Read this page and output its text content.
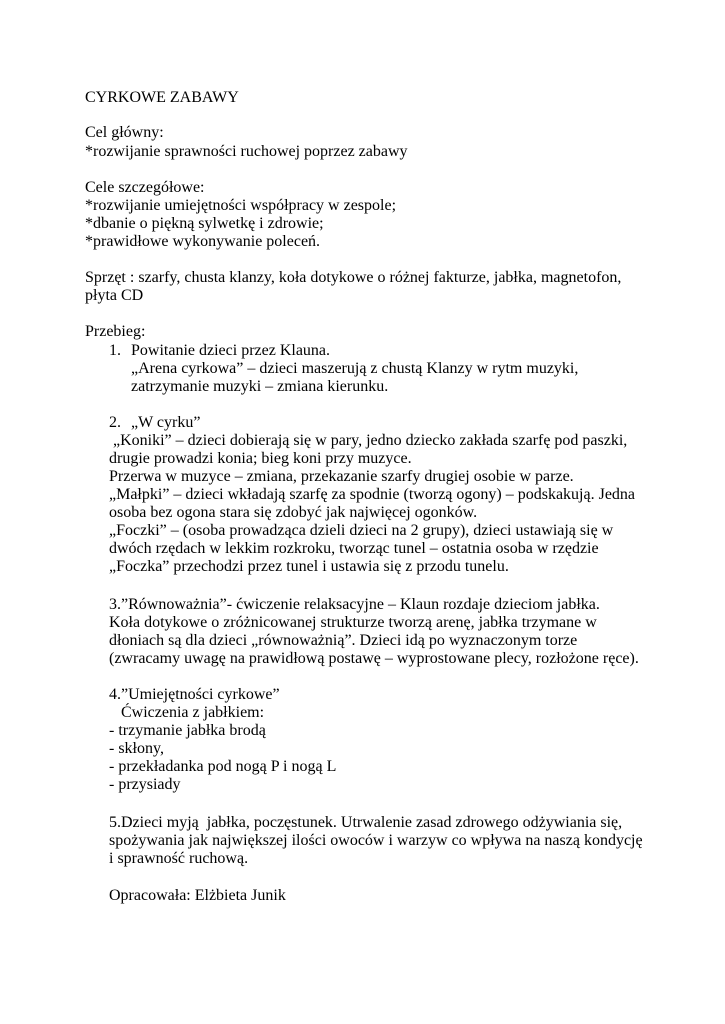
CYRKOWE ZABAWY

Cel główny:

*rozwijanie sprawności ruchowej poprzez zabawy

Cele szczegółowe:

*rozwijanie umiejętności współpracy w zespole;

*dbanie o piękną sylwetkę i zdrowie;

*prawidłowe wykonywanie poleceń.

Sprzęt : szarfy, chusta klanzy, koła dotykowe o różnej fakturze, jabłka, magnetofon,

płyta CD

Przebieg:

1. Powitanie dzieci przez Klauna.

„Arena cyrkowa” – dzieci maszerują z chustą Klanzy w rytm muzyki,

zatrzymanie muzyki – zmiana kierunku.

2. „W cyrku”

„Koniki” – dzieci dobierają się w pary, jedno dziecko zakłada szarfę pod paszki,

drugie prowadzi konia; bieg koni przy muzyce.

Przerwa w muzyce – zmiana, przekazanie szarfy drugiej osobie w parze.

„Małpki” – dzieci wkładają szarfę za spodnie (tworzą ogony) – podskakują. Jedna

osoba bez ogona stara się zdobyć jak najwięcej ogonków.

„Foczki” – (osoba prowadząca dzieli dzieci na 2 grupy), dzieci ustawiają się w

dwóch rzędach w lekkim rozkroku, tworząc tunel – ostatnia osoba w rzędzie

„Foczka” przechodzi przez tunel i ustawia się z przodu tunelu.

3.”Równoważnia”- ćwiczenie relaksacyjne – Klaun rozdaje dzieciom jabłka.

Koła dotykowe o zróżnicowanej strukturze tworzą arenę, jabłka trzymane w

dłoniach są dla dzieci „równoważnią”. Dzieci idą po wyznaczonym torze

(zwracamy uwagę na prawidłową postawę – wyprostowane plecy, rozłożone ręce).

4.”Umiejętności cyrkowe”

Ćwiczenia z jabłkiem:

- trzymanie jabłka brodą

- skłony,

- przekładanka pod nogą P i nogą L

- przysiady

5.Dzieci myją  jabłka, poczęstunek. Utrwalenie zasad zdrowego odżywiania się,

spożywania jak największej ilości owoców i warzyw co wpływa na naszą kondycję

i sprawność ruchową.

Opracowała: Elżbieta Junik
